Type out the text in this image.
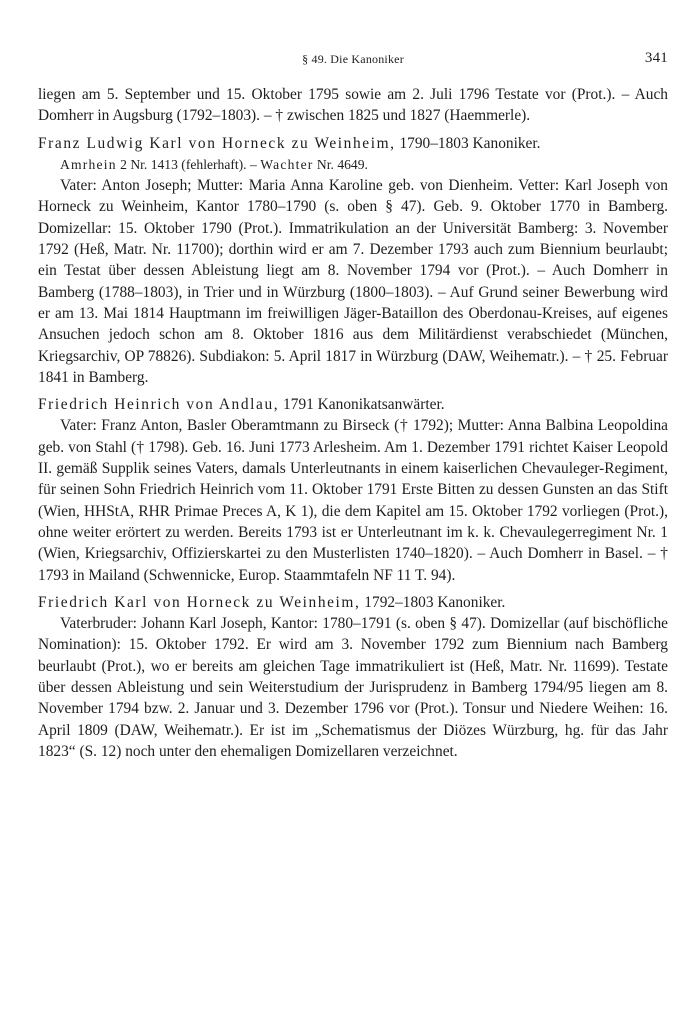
§ 49. Die Kanoniker	341

liegen am 5. September und 15. Oktober 1795 sowie am 2. Juli 1796 Testate vor (Prot.). – Auch Domherr in Augsburg (1792–1803). – † zwischen 1825 und 1827 (Haemmerle).

Franz Ludwig Karl von Horneck zu Weinheim, 1790–1803 Kanoniker.

Amrhein 2 Nr. 1413 (fehlerhaft). – Wachter Nr. 4649.

Vater: Anton Joseph; Mutter: Maria Anna Karoline geb. von Dienheim. Vetter: Karl Joseph von Horneck zu Weinheim, Kantor 1780–1790 (s. oben § 47). Geb. 9. Oktober 1770 in Bamberg. Domizellar: 15. Oktober 1790 (Prot.). Immatrikulation an der Universität Bamberg: 3. November 1792 (Heß, Matr. Nr. 11700); dorthin wird er am 7. Dezember 1793 auch zum Biennium beurlaubt; ein Testat über dessen Ableistung liegt am 8. November 1794 vor (Prot.). – Auch Domherr in Bamberg (1788–1803), in Trier und in Würzburg (1800–1803). – Auf Grund seiner Bewerbung wird er am 13. Mai 1814 Hauptmann im freiwilligen Jäger-Bataillon des Oberdonau-Kreises, auf eigenes Ansuchen jedoch schon am 8. Oktober 1816 aus dem Militärdienst verabschiedet (München, Kriegsarchiv, OP 78826). Subdiakon: 5. April 1817 in Würzburg (DAW, Weihematr.). – † 25. Februar 1841 in Bamberg.

Friedrich Heinrich von Andlau, 1791 Kanonikatsanwärter.

Vater: Franz Anton, Basler Oberamtmann zu Birseck († 1792); Mutter: Anna Balbina Leopoldina geb. von Stahl († 1798). Geb. 16. Juni 1773 Arlesheim. Am 1. Dezember 1791 richtet Kaiser Leopold II. gemäß Supplik seines Vaters, damals Unterleutnants in einem kaiserlichen Chevauleger-Regiment, für seinen Sohn Friedrich Heinrich vom 11. Oktober 1791 Erste Bitten zu dessen Gunsten an das Stift (Wien, HHStA, RHR Primae Preces A, K 1), die dem Kapitel am 15. Oktober 1792 vorliegen (Prot.), ohne weiter erörtert zu werden. Bereits 1793 ist er Unterleutnant im k. k. Chevaulegerregiment Nr. 1 (Wien, Kriegsarchiv, Offizierskartei zu den Musterlisten 1740–1820). – Auch Domherr in Basel. – † 1793 in Mailand (Schwennicke, Europ. Staammtafeln NF 11 T. 94).

Friedrich Karl von Horneck zu Weinheim, 1792–1803 Kanoniker.

Vaterbruder: Johann Karl Joseph, Kantor: 1780–1791 (s. oben § 47). Domizellar (auf bischöfliche Nomination): 15. Oktober 1792. Er wird am 3. November 1792 zum Biennium nach Bamberg beurlaubt (Prot.), wo er bereits am gleichen Tage immatrikuliert ist (Heß, Matr. Nr. 11699). Testate über dessen Ableistung und sein Weiterstudium der Jurisprudenz in Bamberg 1794/95 liegen am 8. November 1794 bzw. 2. Januar und 3. Dezember 1796 vor (Prot.). Tonsur und Niedere Weihen: 16. April 1809 (DAW, Weihematr.). Er ist im „Schematismus der Diözes Würzburg, hg. für das Jahr 1823“ (S. 12) noch unter den ehemaligen Domizellaren verzeichnet.
